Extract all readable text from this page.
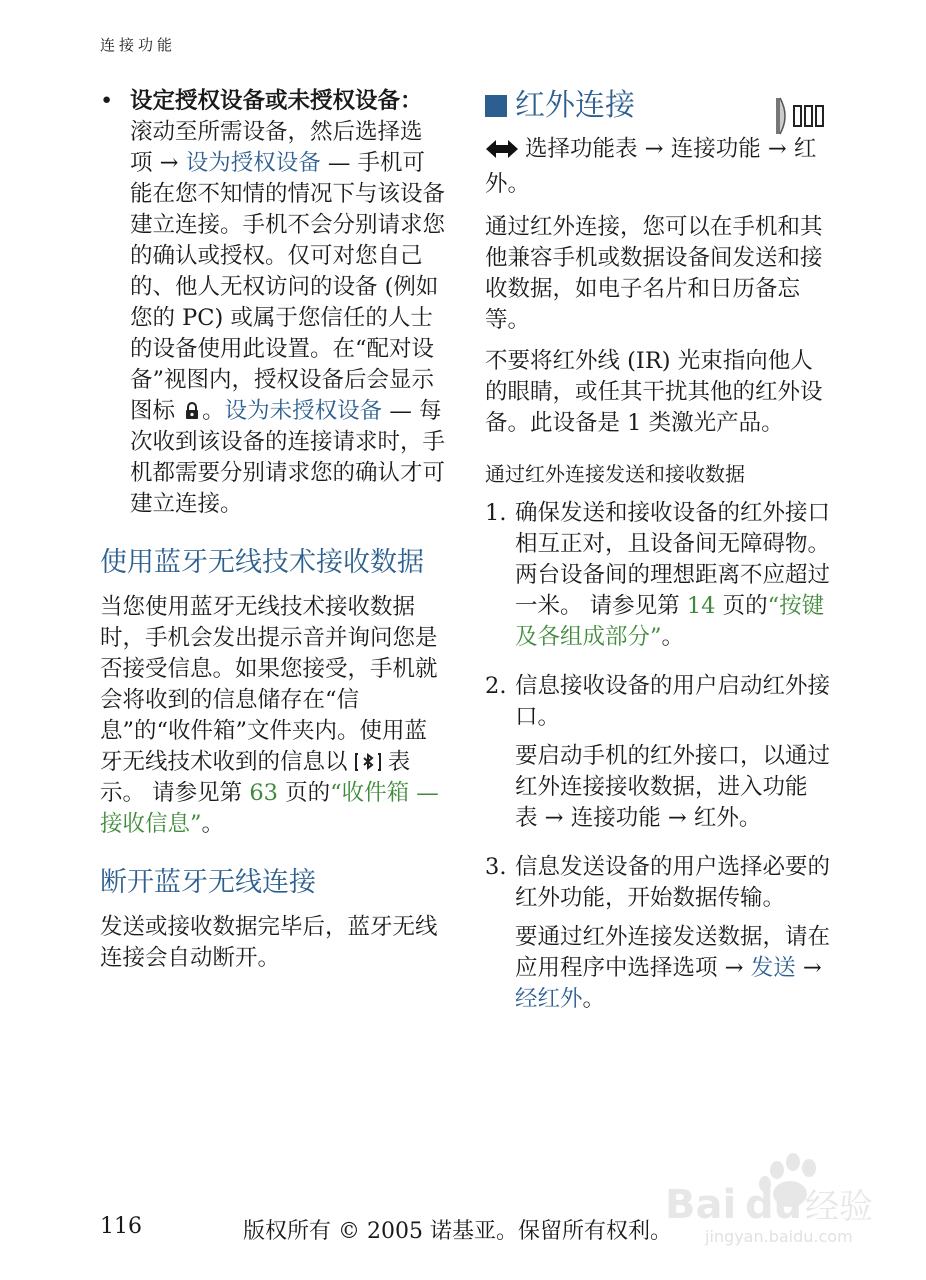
连接功能
• 设定授权设备或未授权设备：滚动至所需设备，然后选择选项 → 设为授权设备 — 手机可能在您不知情的情况下与该设备建立连接。手机不会分别请求您的确认或授权。仅可对您自己的、他人无权访问的设备 (例如您的 PC) 或属于您信任的人士的设备使用此设置。在“配对设备”视图内，授权设备后会显示图标 。设为未授权设备 — 每次收到该设备的连接请求时，手机都需要分别请求您的确认才可建立连接。
使用蓝牙无线技术接收数据

当您使用蓝牙无线技术接收数据时，手机会发出提示音并询问您是否接受信息。如果您接受，手机就会将收到的信息储存在“信息”的“收件箱”文件夹内。使用蓝牙无线技术收到的信息以  表示。 请参见第 63 页的“收件箱 — 接收信息”。

断开蓝牙无线连接

发送或接收数据完毕后，蓝牙无线连接会自动断开。

红外连接

选择功能表 → 连接功能 → 红外。

通过红外连接，您可以在手机和其他兼容手机或数据设备间发送和接收数据，如电子名片和日历备忘等。

不要将红外线 (IR) 光束指向他人的眼睛，或任其干扰其他的红外设备。此设备是 1 类激光产品。

通过红外连接发送和接收数据
1. 确保发送和接收设备的红外接口相互正对，且设备间无障碍物。两台设备间的理想距离不应超过一米。 请参见第 14 页的“按键及各组成部分”。

2. 信息接收设备的用户启动红外接口。

要启动手机的红外接口，以通过红外连接接收数据，进入功能表 → 连接功能 → 红外。

3. 信息发送设备的用户选择必要的红外功能，开始数据传输。

要通过红外连接发送数据，请在应用程序中选择选项 → 发送 → 经红外。

116	版权所有 © 2005 诺基亚。保留所有权利。
Bai du 经验
jingyan.baidu.com
